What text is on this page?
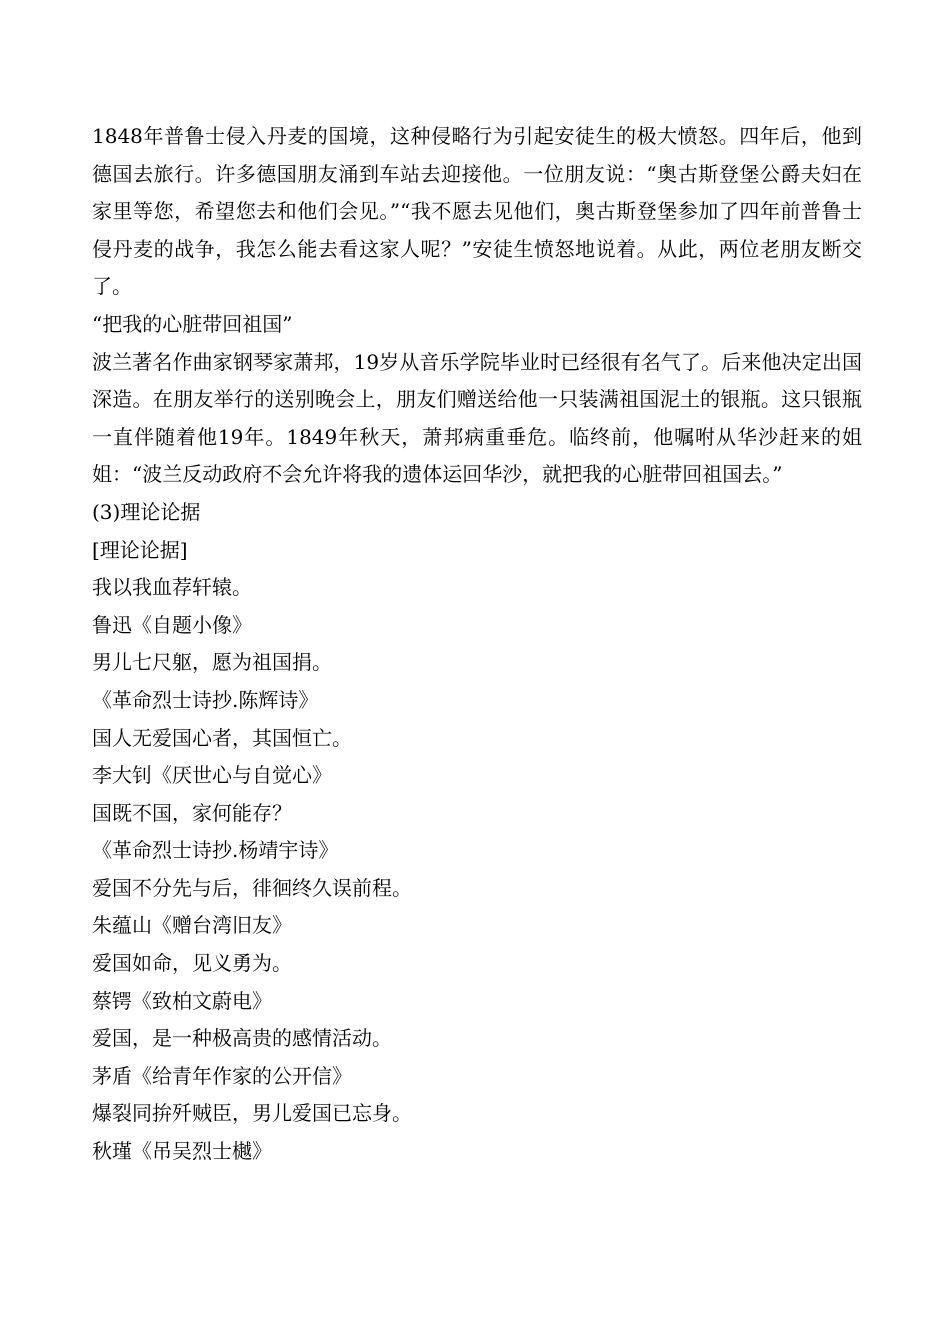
1848年普鲁士侵入丹麦的国境，这种侵略行为引起安徒生的极大愤怒。四年后，他到德国去旅行。许多德国朋友涌到车站去迎接他。一位朋友说：“奥古斯登堡公爵夫妇在家里等您，希望您去和他们会见。”“我不愿去见他们，奥古斯登堡参加了四年前普鲁士侵丹麦的战争，我怎么能去看这家人呢？”安徒生愤怒地说着。从此，两位老朋友断交了。

“把我的心脏带回祖国”

波兰著名作曲家钢琴家萧邦，19岁从音乐学院毕业时已经很有名气了。后来他决定出国深造。在朋友举行的送别晚会上，朋友们赠送给他一只装满祖国泥土的银瓶。这只银瓶一直伴随着他19年。1849年秋天，萧邦病重垂危。临终前，他嘱咐从华沙赶来的姐姐：“波兰反动政府不会允许将我的遗体运回华沙，就把我的心脏带回祖国去。”

(3)理论论据

[理论论据]

我以我血荐轩辕。

鲁迅《自题小像》

男儿七尺躯，愿为祖国捐。

《革命烈士诗抄.陈辉诗》

国人无爱国心者，其国恒亡。

李大钊《厌世心与自觉心》

国既不国，家何能存？

《革命烈士诗抄.杨靖宇诗》

爱国不分先与后，徘徊终久误前程。

朱蕴山《赠台湾旧友》

爱国如命，见义勇为。

蔡锷《致柏文蔚电》

爱国，是一种极高贵的感情活动。

茅盾《给青年作家的公开信》

爆裂同拚歼贼臣，男儿爱国已忘身。

秋瑾《吊吴烈士樾》
